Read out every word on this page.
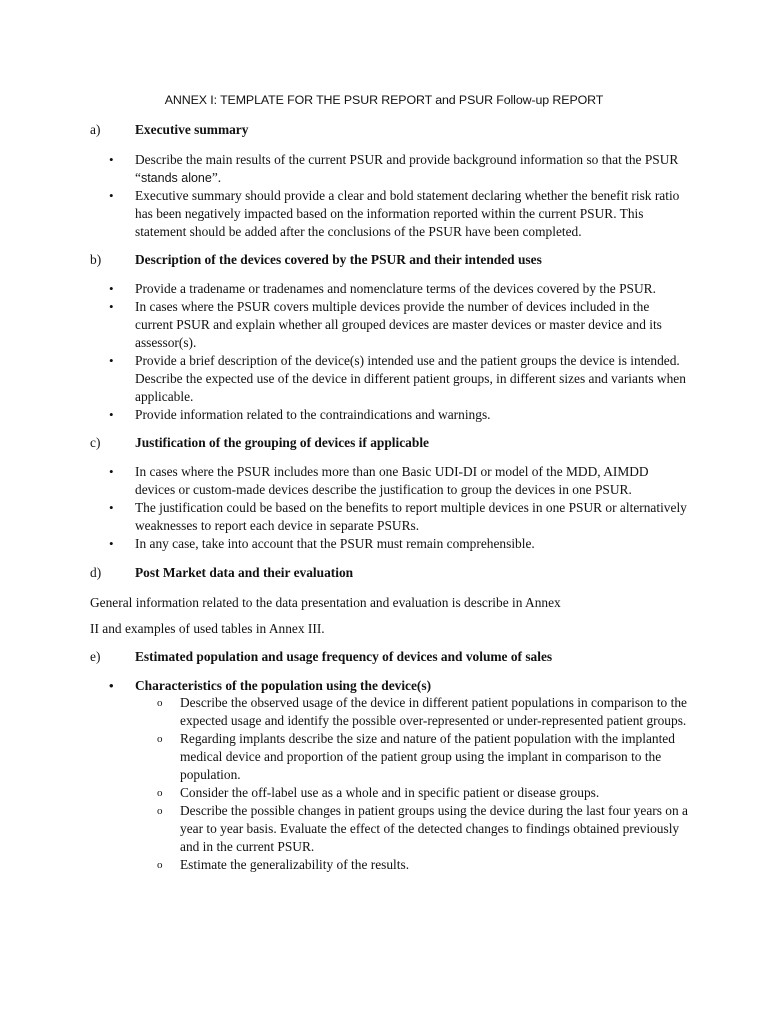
ANNEX I: TEMPLATE FOR THE PSUR REPORT and PSUR Follow-up REPORT
a)	Executive summary
• Describe the main results of the current PSUR and provide background information so that the PSUR “stands alone”.
• Executive summary should provide a clear and bold statement declaring whether the benefit risk ratio has been negatively impacted based on the information reported within the current PSUR. This statement should be added after the conclusions of the PSUR have been completed.
b)	Description of the devices covered by the PSUR and their intended uses
• Provide a tradename or tradenames and nomenclature terms of the devices covered by the PSUR.
• In cases where the PSUR covers multiple devices provide the number of devices included in the current PSUR and explain whether all grouped devices are master devices or master device and its assessor(s).
• Provide a brief description of the device(s) intended use and the patient groups the device is intended. Describe the expected use of the device in different patient groups, in different sizes and variants when applicable.
• Provide information related to the contraindications and warnings.
c)	Justification of the grouping of devices if applicable
• In cases where the PSUR includes more than one Basic UDI-DI or model of the MDD, AIMDD devices or custom-made devices describe the justification to group the devices in one PSUR.
• The justification could be based on the benefits to report multiple devices in one PSUR or alternatively weaknesses to report each device in separate PSURs.
• In any case, take into account that the PSUR must remain comprehensible.
d)	Post Market data and their evaluation
General information related to the data presentation and evaluation is describe in Annex
II and examples of used tables in Annex III.
e)	Estimated population and usage frequency of devices and volume of sales
• Characteristics of the population using the device(s)
o Describe the observed usage of the device in different patient populations in comparison to the expected usage and identify the possible over-represented or under-represented patient groups.
o Regarding implants describe the size and nature of the patient population with the implanted medical device and proportion of the patient group using the implant in comparison to the population.
o Consider the off-label use as a whole and in specific patient or disease groups.
o Describe the possible changes in patient groups using the device during the last four years on a year to year basis. Evaluate the effect of the detected changes to findings obtained previously and in the current PSUR.
o Estimate the generalizability of the results.
